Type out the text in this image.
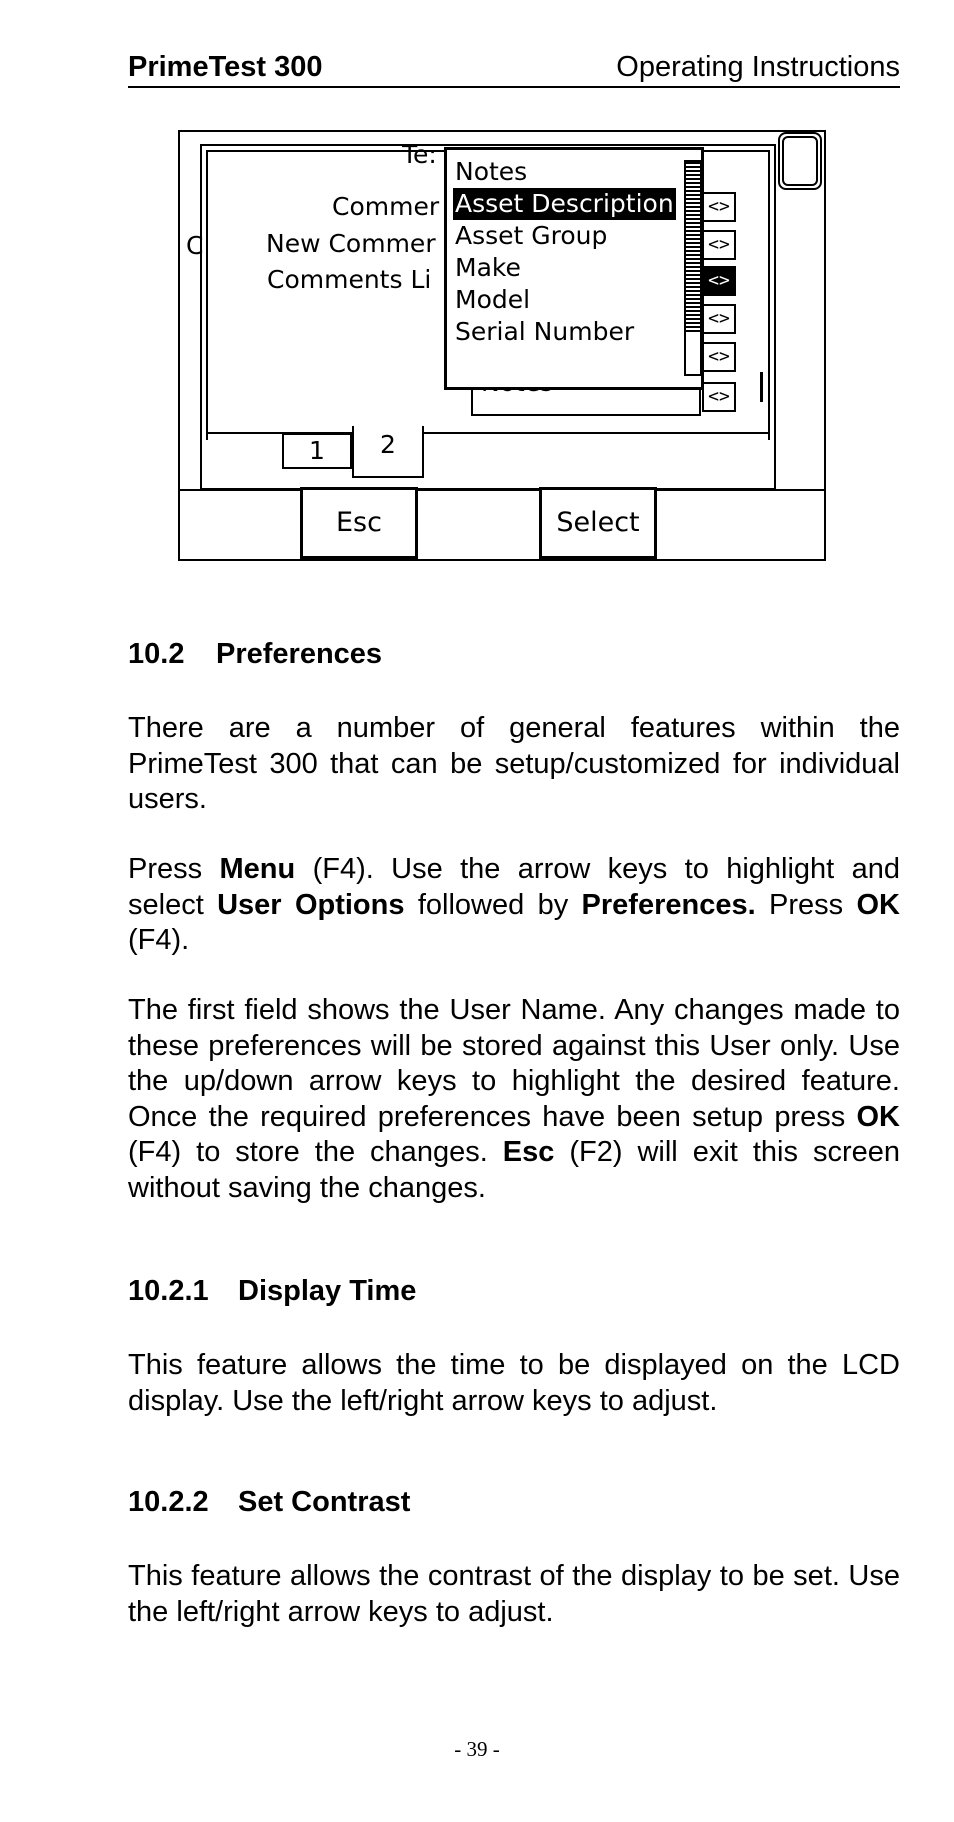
PrimeTest 300	Operating Instructions
Te:
C
Commer
New Commer
Comments Li
<>
<>
<>
<>
<>
<>
Notes
Asset Description
Asset Group
Make
Model
Serial Number
1	2
Esc	Select
10.2 Preferences

There are a number of general features within the PrimeTest 300 that can be setup/customized for individual users.

Press Menu (F4). Use the arrow keys to highlight and select User Options followed by Preferences. Press OK (F4).

The first field shows the User Name. Any changes made to these preferences will be stored against this User only. Use the up/down arrow keys to highlight the desired feature. Once the required preferences have been setup press OK (F4) to store the changes. Esc (F2) will exit this screen without saving the changes.

10.2.1 Display Time

This feature allows the time to be displayed on the LCD display. Use the left/right arrow keys to adjust.

10.2.2 Set Contrast

This feature allows the contrast of the display to be set. Use the left/right arrow keys to adjust.

- 39 -
